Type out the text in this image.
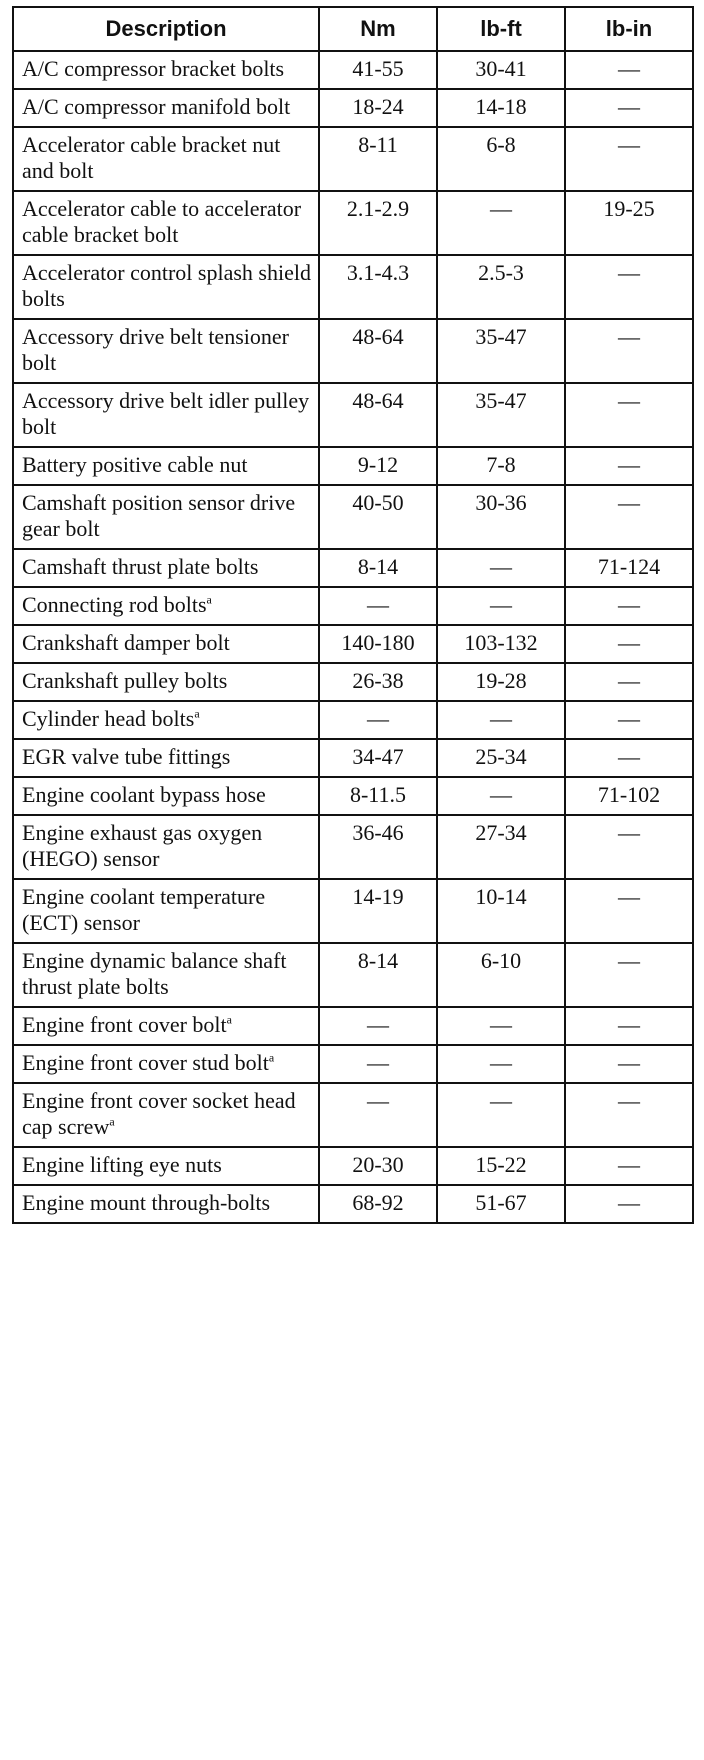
Description	Nm	lb-ft	lb-in
A/C compressor bracket bolts	41-55	30-41	—
A/C compressor manifold bolt	18-24	14-18	—
Accelerator cable bracket nut and bolt	8-11	6-8	—
Accelerator cable to accelerator cable bracket bolt	2.1-2.9	—	19-25
Accelerator control splash shield bolts	3.1-4.3	2.5-3	—
Accessory drive belt tensioner bolt	48-64	35-47	—
Accessory drive belt idler pulley bolt	48-64	35-47	—
Battery positive cable nut	9-12	7-8	—
Camshaft position sensor drive gear bolt	40-50	30-36	—
Camshaft thrust plate bolts	8-14	—	71-124
Connecting rod bolts$^a$	—	—	—
Crankshaft damper bolt	140-180	103-132	—
Crankshaft pulley bolts	26-38	19-28	—
Cylinder head bolts$^a$	—	—	—
EGR valve tube fittings	34-47	25-34	—
Engine coolant bypass hose	8-11.5	—	71-102
Engine exhaust gas oxygen (HEGO) sensor	36-46	27-34	—
Engine coolant temperature (ECT) sensor	14-19	10-14	—
Engine dynamic balance shaft thrust plate bolts	8-14	6-10	—
Engine front cover bolt$^a$	—	—	—
Engine front cover stud bolt$^a$	—	—	—
Engine front cover socket head cap screw$^a$	—	—	—
Engine lifting eye nuts	20-30	15-22	—
Engine mount through-bolts	68-92	51-67	—
